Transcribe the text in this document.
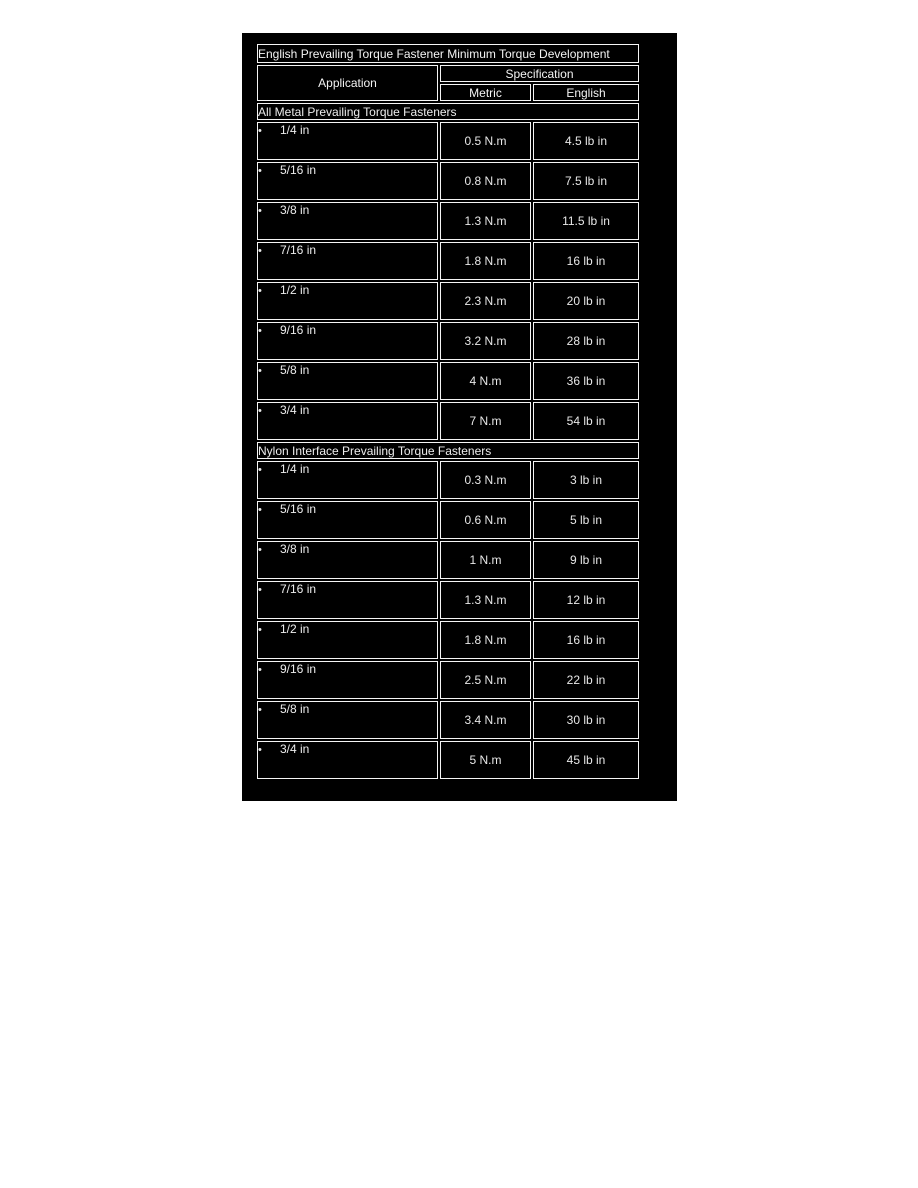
English Prevailing Torque Fastener Minimum Torque Development		
Application	Specification	
	Metric	English
All Metal Prevailing Torque Fasteners		
• 1/4 in	0.5 N.m	4.5 lb in
• 5/16 in	0.8 N.m	7.5 lb in
• 3/8 in	1.3 N.m	11.5 lb in
• 7/16 in	1.8 N.m	16 lb in
• 1/2 in	2.3 N.m	20 lb in
• 9/16 in	3.2 N.m	28 lb in
• 5/8 in	4 N.m	36 lb in
• 3/4 in	7 N.m	54 lb in
Nylon Interface Prevailing Torque Fasteners		
• 1/4 in	0.3 N.m	3 lb in
• 5/16 in	0.6 N.m	5 lb in
• 3/8 in	1 N.m	9 lb in
• 7/16 in	1.3 N.m	12 lb in
• 1/2 in	1.8 N.m	16 lb in
• 9/16 in	2.5 N.m	22 lb in
• 5/8 in	3.4 N.m	30 lb in
• 3/4 in	5 N.m	45 lb in
